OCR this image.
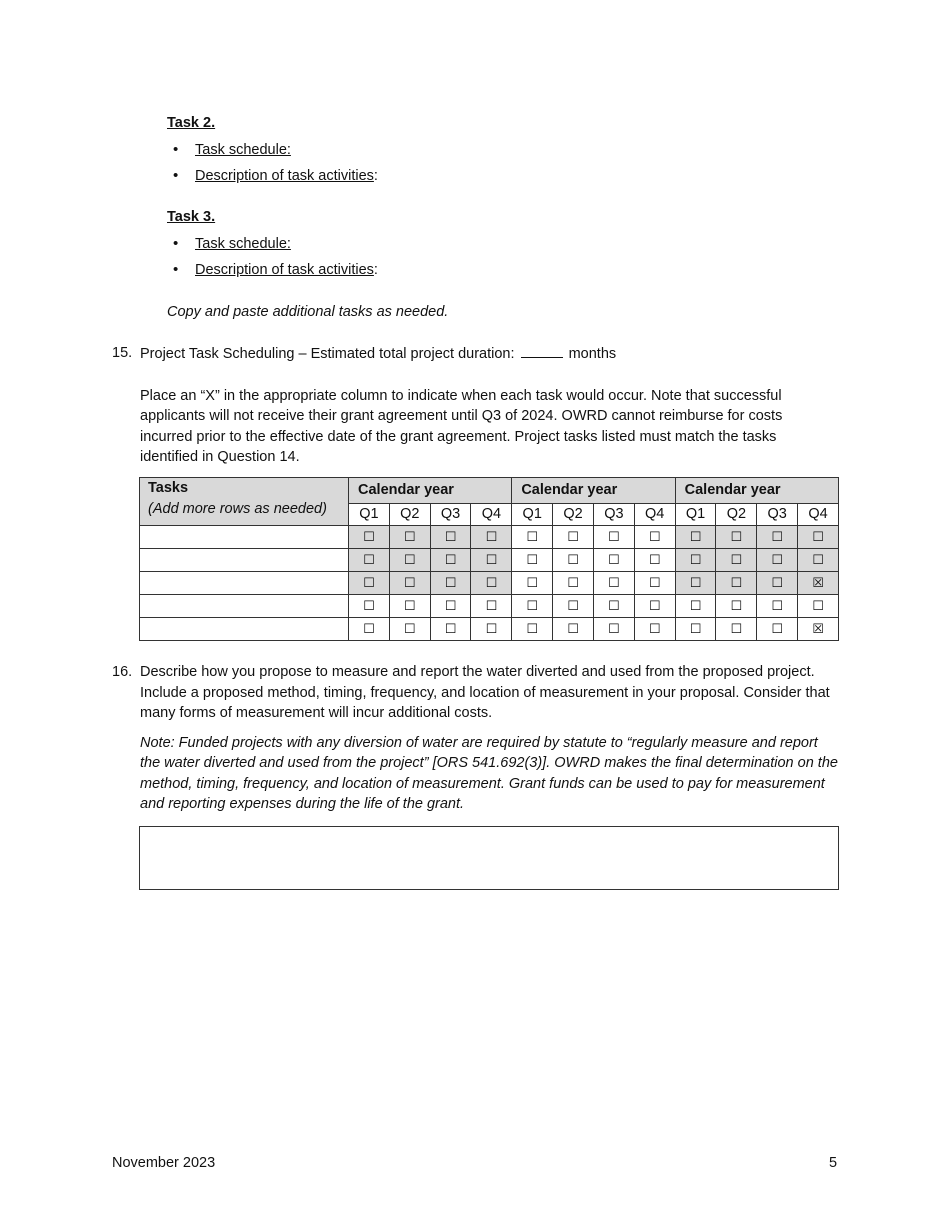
Task 2.
• Task schedule:
• Description of task activities:
Task 3.
• Task schedule:
• Description of task activities:
Copy and paste additional tasks as needed.
15. Project Task Scheduling – Estimated total project duration:	months
Place an “X” in the appropriate column to indicate when each task would occur. Note that successful applicants will not receive their grant agreement until Q3 of 2024. OWRD cannot reimburse for costs incurred prior to the effective date of the grant agreement. Project tasks listed must match the tasks identified in Question 14.
Tasks
(Add more rows as needed)	Calendar year				Calendar year				Calendar year			
	Q1	Q2	Q3	Q4	Q1	Q2	Q3	Q4	Q1	Q2	Q3	Q4
	☐	☐	☐	☐	☐	☐	☐	☐	☐	☐	☐	☐
	☐	☐	☐	☐	☐	☐	☐	☐	☐	☐	☐	☐
	☐	☐	☐	☐	☐	☐	☐	☐	☐	☐	☐	☒
	☐	☐	☐	☐	☐	☐	☐	☐	☐	☐	☐	☐
	☐	☐	☐	☐	☐	☐	☐	☐	☐	☐	☐	☒
16. Describe how you propose to measure and report the water diverted and used from the proposed project. Include a proposed method, timing, frequency, and location of measurement in your proposal. Consider that many forms of measurement will incur additional costs.
Note: Funded projects with any diversion of water are required by statute to “regularly measure and report the water diverted and used from the project” [ORS 541.692(3)]. OWRD makes the final determination on the method, timing, frequency, and location of measurement. Grant funds can be used to pay for measurement and reporting expenses during the life of the grant.
November 2023	5
